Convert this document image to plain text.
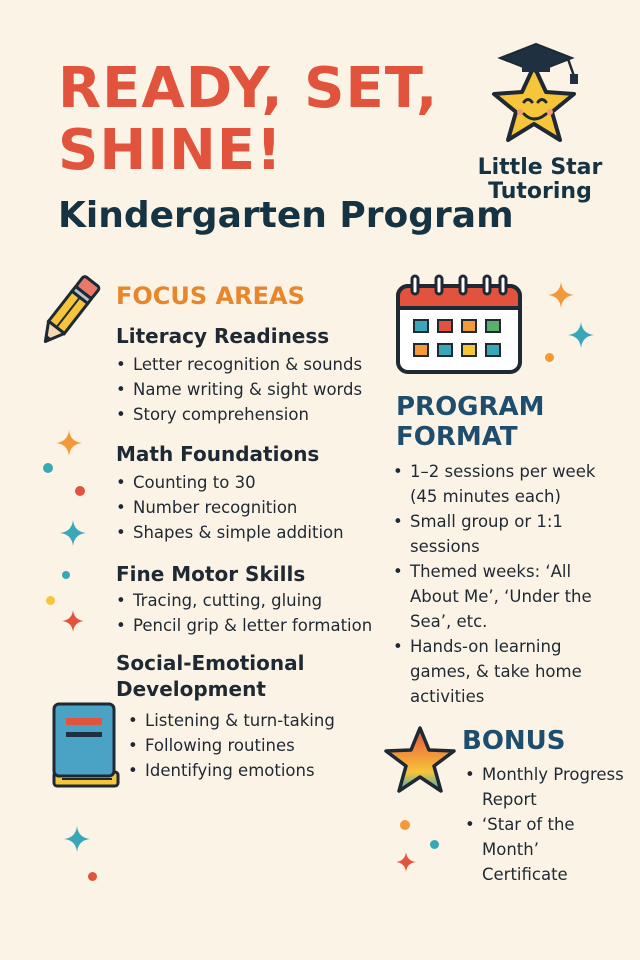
READY, SET,
SHINE!
Kindergarten Program
Little Star
Tutoring
FOCUS AREAS
Literacy Readiness
• Letter recognition & sounds
• Name writing & sight words
• Story comprehension
Math Foundations
• Counting to 30
• Number recognition
• Shapes & simple addition
Fine Motor Skills
• Tracing, cutting, gluing
• Pencil grip & letter formation
Social-Emotional
Development
• Listening & turn-taking
• Following routines
• Identifying emotions
PROGRAM
FORMAT
• 1–2 sessions per week (45 minutes each)
• Small group or 1:1 sessions
• Themed weeks: ‘All About Me’, ‘Under the Sea’, etc.
• Hands-on learning games, & take home activities
BONUS
• Monthly Progress Report
• ‘Star of the Month’ Certificate
